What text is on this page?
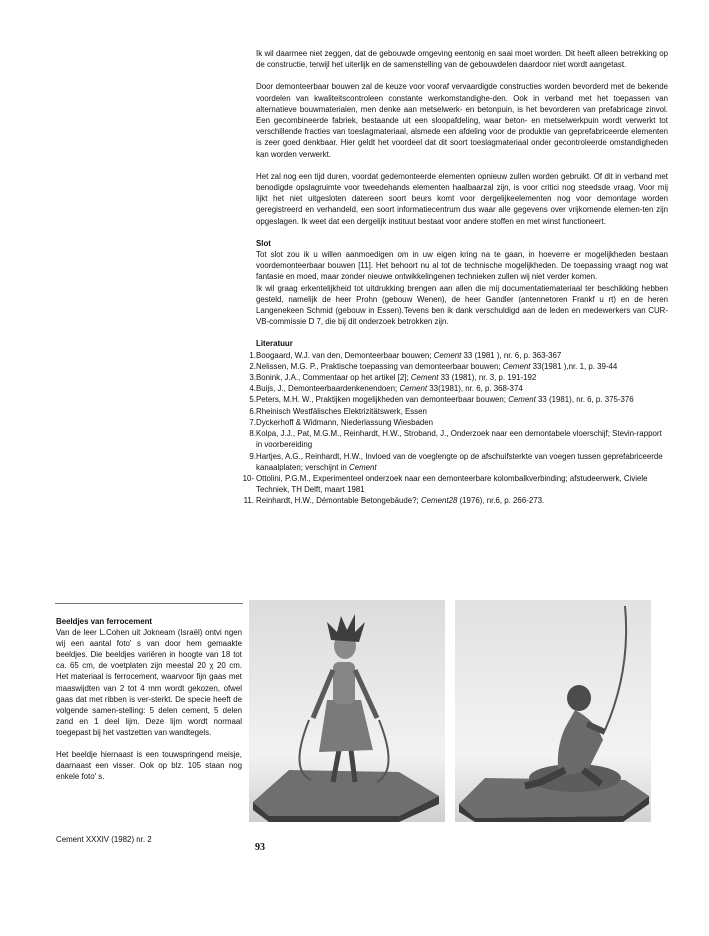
Ik wil daarmee niet zeggen, dat de gebouwde omgeving eentonig en saai moet worden. Dit heeft alleen betrekking op de constructie, terwijl het uiterlijk en de samenstelling van de gebouwdelen daardoor niet wordt aangetast.

Door demonteerbaar bouwen zal de keuze voor vooraf vervaardigde constructies worden bevorderd met de bekende voordelen van kwaliteitscontroleen constante werkomstandighe-den. Ook in verband met het toepassen van alternatieve bouwmaterialen, men denke aan metselwerk- en betonpuin, is het bevorderen van prefabricage zinvol. Een gecombineerde fabriek, bestaande uit een sloopafdeling, waar beton- en metselwerkpuin wordt verwerkt tot verschillende fracties van toeslagmateriaal, alsmede een afdeling voor de produktie van geprefabriceerde elementen is zeer goed denkbaar. Hier geldt het voordeel dat dit soort toeslagmateriaal onder gecontroleerde omstandigheden kan worden verwerkt.

Het zal nog een tijd duren, voordat gedemonteerde elementen opnieuw zullen worden gebruikt. Of dit in verband met benodigde opslagruimte voor tweedehands elementen haalbaarzal zijn, is voor critici nog steedsde vraag. Voor mij lijkt het niet uitgesloten datereen soort beurs komt voor dergelijkeelementen nog voor demontage worden geregistreerd en verhandeld, een soort informatiecentrum dus waar alle gegevens over vrijkomende elemen-ten zijn opgeslagen. Ik weet dat een dergelijk instituut bestaat voor andere stoffen en met winst functioneert.

Slot

Tot slot zou ik u willen aanmoedigen om in uw eigen kring na te gaan, in hoeverre er mogelijkheden bestaan voordemonteerbaar bouwen [11]. Het behoort nu al tot de technische mogelijkheden. De toepassing vraagt nog wat fantasie en moed, maar zonder nieuwe ontwikkelingenen technieken zullen wij niet verder komen.

Ik wil graag erkentelijkheid tot uitdrukking brengen aan allen die mij documentatiemateriaal ter beschikking hebben gesteld, namelijk de heer Prohn (gebouw Wenen), de heer Gandler (antennetoren Frankf u rt) en de heren Langenekeen Schmid (gebouw in Essen).Tevens ben ik dank verschuldigd aan de leden en medewerkers van CUR-VB-commissie D 7, die bij dit onderzoek betrokken zijn.

Literatuur
1. Boogaard, W.J. van den, Demonteerbaar bouwen; Cement 33 (1981 ), nr. 6, p. 363-367
2. Nelissen, M.G. P., Praktische toepassing van demonteerbaar bouwen; Cement 33(1981 ),nr. 1, p. 39-44
3. Bonink, J.A., Commentaar op het artikel [2]; Cement 33 (1981), nr. 3, p. 191-192
4. Buijs, J., Demonteerbaardenkenendoen; Cement 33(1981), nr. 6, p. 368-374
5. Peters, M.H. W., Praktijken mogelijkheden van demonteerbaar bouwen; Cement 33 (1981), nr. 6, p. 375-376
6. Rheinisch Westfälisches Elektrizitätswerk, Essen
7. Dyckerhoff & Widmann, Niederlassung Wiesbaden
8. Kolpa, J.J., Pat, M.G.M., Reinhardt, H.W., Stroband, J., Onderzoek naar een demontabele vloerschijf; Stevin-rapport in voorbereiding
9. Hartjes, A.G., Reinhardt, H.W., Invloed van de voeglengte op de afschuifsterkte van voegen tussen geprefabriceerde kanaalplaten; verschijnt in Cement
10- Ottolini, P.G.M., Experimenteel onderzoek naar een demonteerbare kolombalkverbinding; afstudeerwerk, Civiele Techniek, TH Delft, maart 1981
11. Reinhardt, H.W., Démontable Betongebäude?; Cement28 (1976), nr.6, p. 266-273.
Beeldjes van ferrocement

Van de leer L.Cohen uit Jokneam (Israël) ontvi ngen wij een aantal foto' s van door hem gemaakte beeldjes. Die beeldjes variëren in hoogte van 18 tot ca. 65 cm, de voetplaten zijn meestal 20 χ 20 cm. Het materiaal is ferrocement, waarvoor fijn gaas met maaswijdten van 2 tot 4 mm wordt gekozen, ofwel gaas dat met ribben is ver-sterkt. De specie heeft de volgende samen-stelling: 5 delen cement, 5 delen zand en 1 deel lijm. Deze lijm wordt normaal toegepast bij het vastzetten van wandtegels.

Het beeldje hiernaast is een touwspringend meisje, daarnaast een visser. Ook op blz. 105 staan nog enkele foto' s.

Cement XXXIV (1982) nr. 2
93
